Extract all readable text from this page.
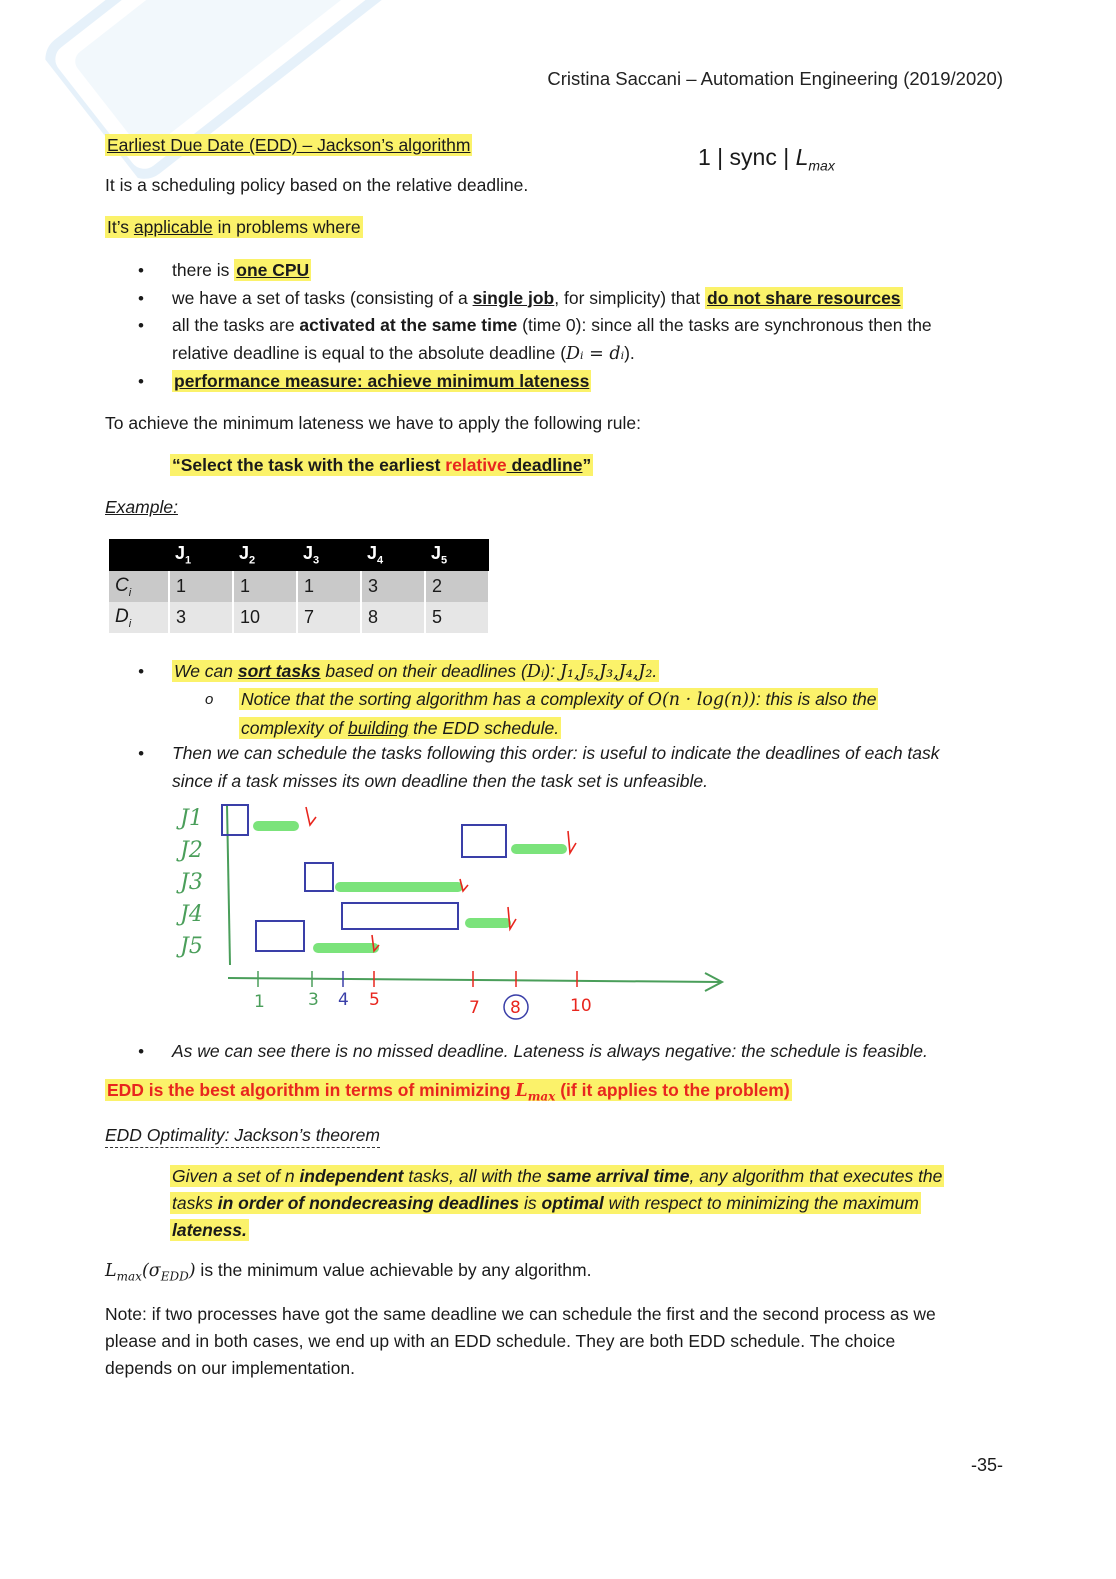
Cristina Saccani – Automation Engineering (2019/2020)
Earliest Due Date (EDD) – Jackson’s algorithm	1 | sync | $L_{max}$
It is a scheduling policy based on the relative deadline.
It’s applicable in problems where
• there is one CPU
• we have a set of tasks (consisting of a single job, for simplicity) that do not share resources
• all the tasks are activated at the same time (time 0): since all the tasks are synchronous then the
relative deadline is equal to the absolute deadline (Dᵢ = dᵢ).
• performance measure: achieve minimum lateness
To achieve the minimum lateness we have to apply the following rule:
“Select the task with the earliest relative deadline”
Example:
	$J_1$	$J_2$	$J_3$	$J_4$	$J_5$
$C_i$	1	1	1	3	2
$D_i$	3	10	7	8	5
• We can sort tasks based on their deadlines (Dᵢ): J₁,J₅,J₃,J₄,J₂.
o Notice that the sorting algorithm has a complexity of O(n · log(n)): this is also the
complexity of building the EDD schedule.
• Then we can schedule the tasks following this order: is useful to indicate the deadlines of each task
since if a task misses its own deadline then the task set is unfeasible.
J1
J2
J3
J4
J5
1	3 4 5	7 8	10
• As we can see there is no missed deadline. Lateness is always negative: the schedule is feasible.
EDD is the best algorithm in terms of minimizing $L_{max}$ (if it applies to the problem)
EDD Optimality: Jackson’s theorem
Given a set of n independent tasks, all with the same arrival time, any algorithm that executes the
tasks in order of nondecreasing deadlines is optimal with respect to minimizing the maximum
lateness.
$L_{max}(\sigma_{EDD})$ is the minimum value achievable by any algorithm.
Note: if two processes have got the same deadline we can schedule the first and the second process as we
please and in both cases, we end up with an EDD schedule. They are both EDD schedule. The choice
depends on our implementation.
-35-
